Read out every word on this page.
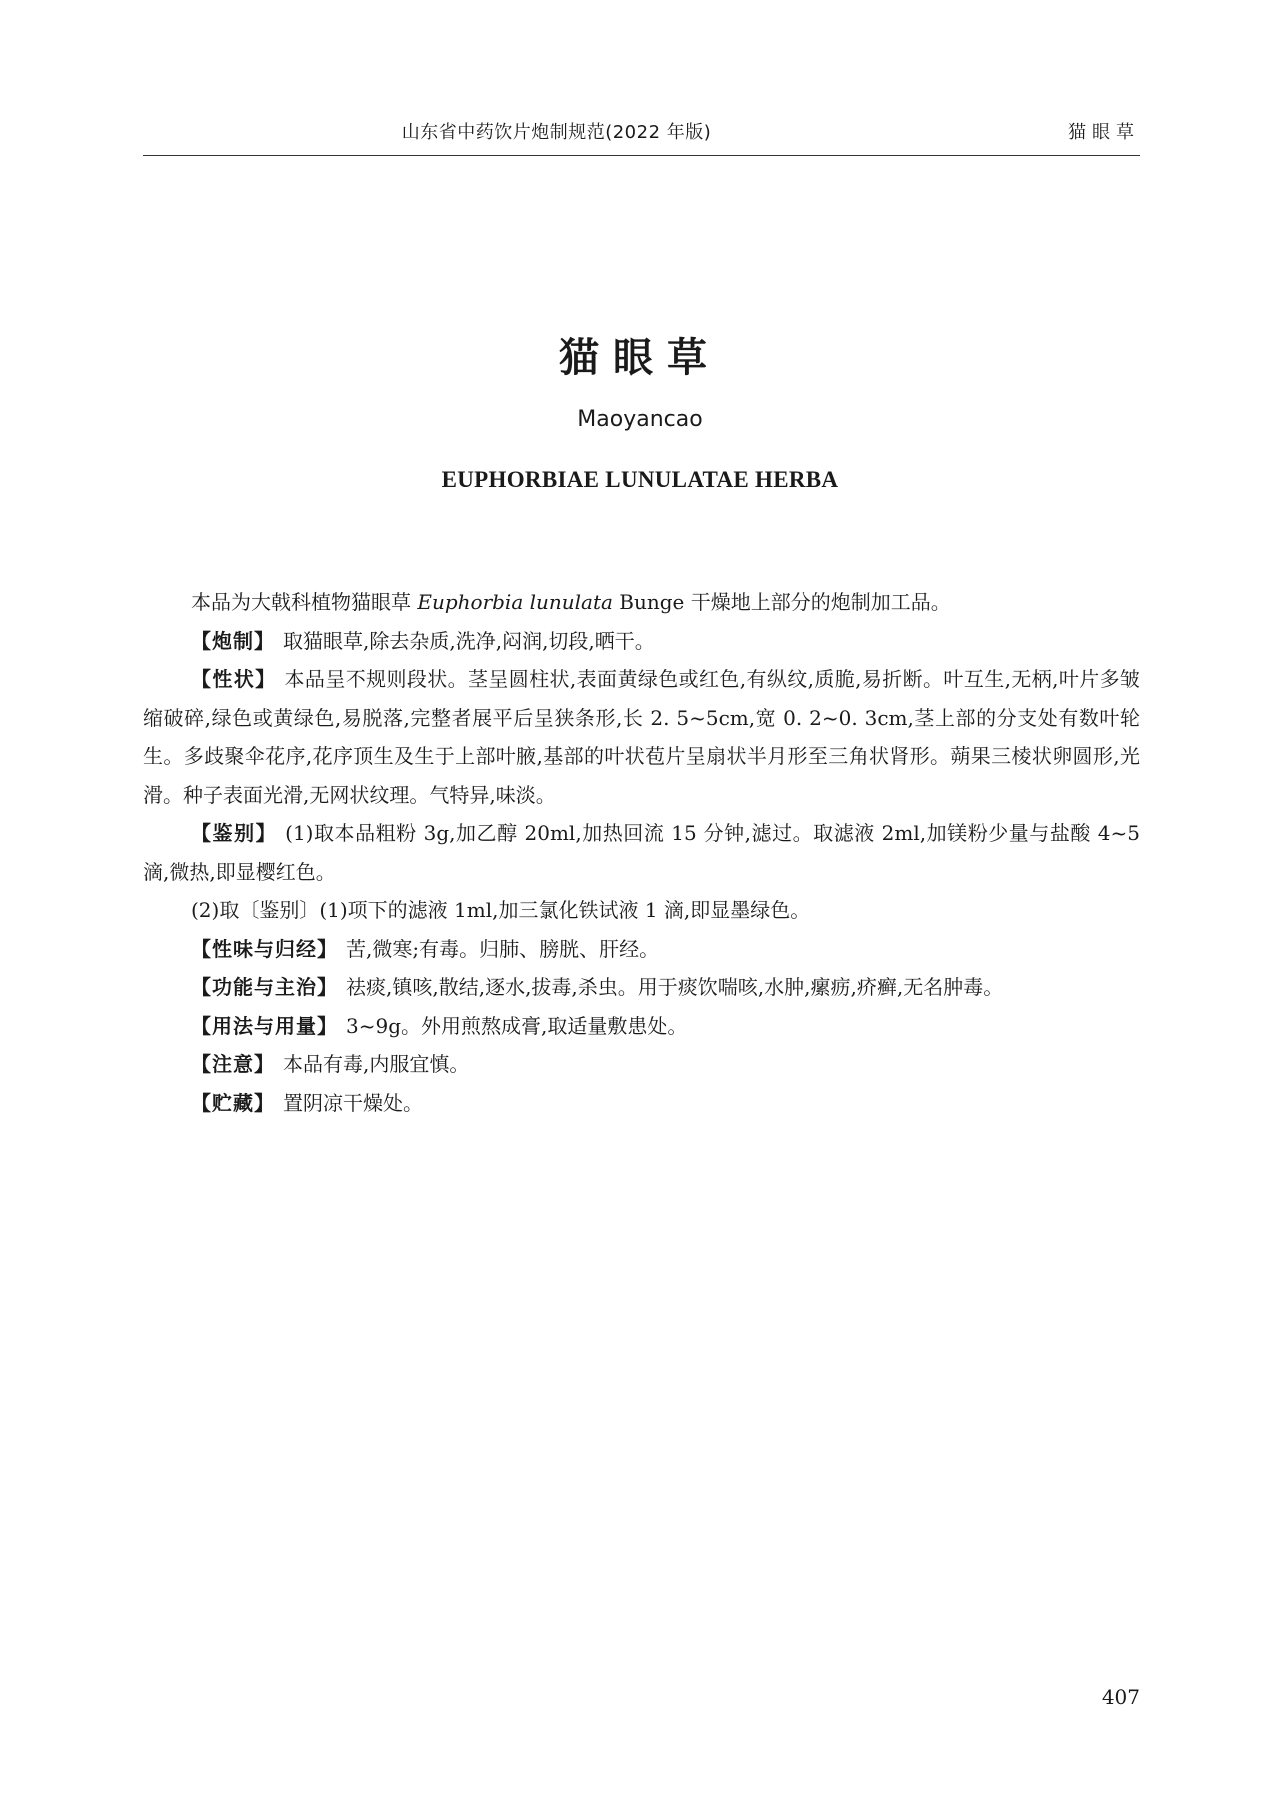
山东省中药饮片炮制规范(2022 年版)	猫眼草
猫眼草
Maoyancao
EUPHORBIAE LUNULATAE HERBA

本品为大戟科植物猫眼草 Euphorbia lunulata Bunge 干燥地上部分的炮制加工品。

【炮制】 取猫眼草,除去杂质,洗净,闷润,切段,晒干。

【性状】 本品呈不规则段状。茎呈圆柱状,表面黄绿色或红色,有纵纹,质脆,易折断。叶互生,无柄,叶片多皱缩破碎,绿色或黄绿色,易脱落,完整者展平后呈狭条形,长 2. 5~5cm,宽 0. 2~0. 3cm,茎上部的分支处有数叶轮生。多歧聚伞花序,花序顶生及生于上部叶腋,基部的叶状苞片呈扇状半月形至三角状肾形。蒴果三棱状卵圆形,光滑。种子表面光滑,无网状纹理。气特异,味淡。

【鉴别】 (1)取本品粗粉 3g,加乙醇 20ml,加热回流 15 分钟,滤过。取滤液 2ml,加镁粉少量与盐酸 4~5 滴,微热,即显樱红色。

(2)取〔鉴别〕(1)项下的滤液 1ml,加三氯化铁试液 1 滴,即显墨绿色。

【性味与归经】 苦,微寒;有毒。归肺、膀胱、肝经。

【功能与主治】 祛痰,镇咳,散结,逐水,拔毒,杀虫。用于痰饮喘咳,水肿,瘰疬,疥癣,无名肿毒。

【用法与用量】 3~9g。外用煎熬成膏,取适量敷患处。

【注意】 本品有毒,内服宜慎。

【贮藏】 置阴凉干燥处。

407
